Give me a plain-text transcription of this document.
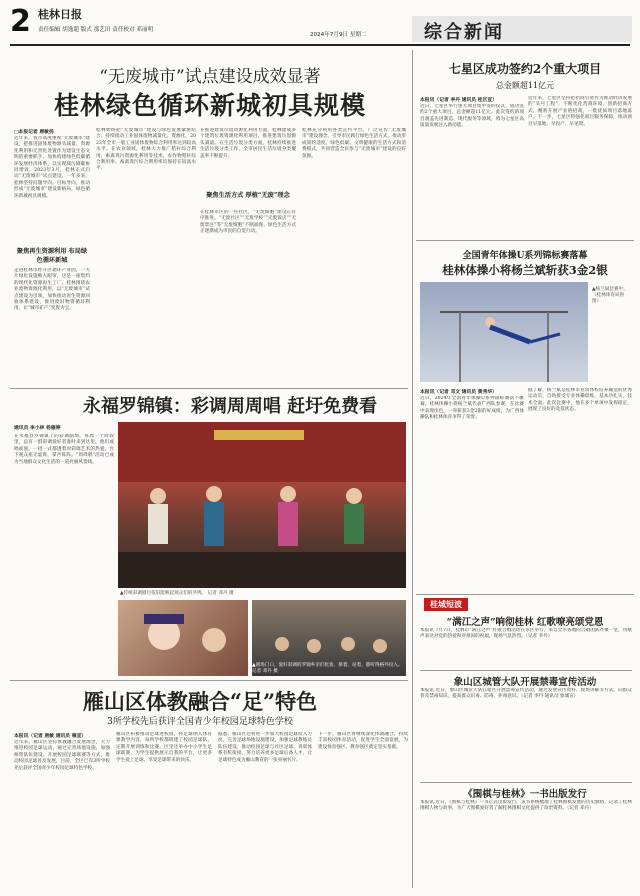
2 桂林日报
责任编辑 胡逸超 版式 那艺田 责任校对 邓丽明
2024年7月9日 星期二	综合新闻
“无废城市”试点建设成效显著
桂林绿色循环新城初具规模
□本报记者 唐敏扬
近年来，我市高度重视“无废城市”建设，把推进固体废物源头减量、资源化利用和无害化处置作为建设生态文明的重要抓手，加快构建绿色低碳循环发展经济体系，以实现减污降碳协同增效。2023年3月，桂林正式启动“无废城市”试点建设，一年多来，桂林坚持问题导向、目标导向，推动形成“无废城市”建设新格局，绿色循环新城初具规模。
聚焦再生资源利用 布局绿色循环新城
走进桂林市经开区循环产业园，一大片绿化设施映入眼帘，这是一座集约的现代化资源再生工厂。桂林围绕农业废物资源化利用，以“无废城市”试点建设为引领，加快推动再生资源回收体系建设，推进废旧物资循环利用，让“城市矿产”变废为宝。
桂林始终把“无废城市”建设与绿色发展紧密结合，持续推动工业固体废物减量化、资源化，2023年全市一般工业固体废物综合利用率达到较高水平。在农业领域，桂林大力推广秸秆综合利用、畜禽粪污资源化利用等技术，农作物秸秆综合利用率、畜禽粪污综合利用率均保持在较高水平。
在推进建筑垃圾资源化利用方面，桂林建成多个建筑垃圾资源化利用项目，推进建筑垃圾源头减量。在生活垃圾分类方面，桂林持续推进生活垃圾分类工作，全市居民生活垃圾分类覆盖率不断提升。
聚焦生活方式 厚植“无废”理念
在桂林市区的一些社区，“无废细胞”建设正有序推进。“无废社区”“无废学校”“无废饭店”“无废景区”等“无废细胞”不断涌现，绿色生活方式正逐渐成为市民的自觉行动。
桂林充分利用各类宣传平台，广泛宣传“无废城市”建设理念，引导市民践行绿色生活方式，推动形成简约适度、绿色低碳、文明健康的生活方式和消费模式，共同营造全民参与“无废城市”建设的良好氛围。
永福罗锦镇：彩调周周唱 赶圩免费看
通讯员 李小林 杨雁婷
在永福县罗锦镇上的彩调剧场，每周一个时段里，总有一群彩调爱好者准时来到这里，他们或唱或演，一招一式都透着对彩调艺术的热爱。台下观众座无虚席，掌声阵阵。“周周唱”活动已成为当地群众文化生活的一道亮丽风景线。
▲传统彩调剧目依旧能唤起观众们的共鸣。 记者 邓丹 摄
▲剧场门口，爱好彩调的罗锦乡亲们化妆、排着、站着，都听得格外投入。 记者 邓丹 摄
雁山区体教融合“足”特色
3所学校先后获评全国青少年校园足球特色学校
本报讯（记者 唐敏 通讯员 雁宣）
近年来，雁山区坚持体教融合发展理念，大力推进校园足球运动，通过完善场地设施、加强师资队伍建设、开展校园足球联赛等方式，推动校园足球普及发展。目前，全区已有3所学校先后获评全国青少年校园足球特色学校。
雁山区积极推动足球进校园，将足球纳入体育课教学内容，每所学校都组建了校园足球队，定期开展训练和比赛。区里还举办中小学生足球联赛，为学生提供展示自我的平台，让更多学生爱上足球、享受足球带来的快乐。
据悉，雁山区还将进一步加大校园足球投入力度，完善足球场地设施建设，加强足球教练员队伍建设，推动校园足球与社区足球、青训体系有机衔接，努力培养更多足球后备人才，让足球特色成为雁山教育的一张亮丽名片。
下一步，雁山区将继续深化体教融合，持续丰富校园体育活动，促进学生全面发展，为建设体育强区、教育强区奠定坚实基础。
七星区成功签约2个重大项目
总金额超11亿元
本报讯（记者 李丹 通讯员 桂区宣）
近日，七星区举行重大项目集中签约仪式，成功签约2个重大项目，总金额超11亿元。此次签约的项目涵盖先进制造、现代服务等领域，将为七星区高质量发展注入新动能。
近年来，七星区坚持把招商引资作为推动经济发展的“头号工程”，不断优化营商环境，创新招商方式，精准开展产业链招商，一批优质项目落地落户。下一步，七星区将强化项目服务保障，推动项目早落地、早投产、早见效。
全国青年体操U系列锦标赛落幕
桂林体操小将杨兰斌斩获3金2银
▲杨兰斌比赛中。（桂林体育局供图）
本报讯（记者 邓文 通讯员 黄秀华）
近日，2024年全国青年体操U系列锦标赛落下帷幕。桂林体操小将杨兰斌代表广西队参赛，在比赛中表现出色，一举斩获3金2银的好成绩，为广西体操队和桂林体育争得了荣誉。
据了解，杨兰斌是桂林市业余体校培养输送的优秀运动员，自幼接受专业体操训练，基本功扎实、技术全面。此次比赛中，他在多个单项中发挥稳定，展现了良好的竞技状态。
桂城短波
“满江之声”响彻桂林 红歌嘹亮颂党恩
本报讯 7月7日，桂林市“满江之声”红歌合唱活动在市区举行，来自全市各地的合唱团队齐聚一堂，用歌声表达对党的热爱和对祖国的祝福，现场气氛热烈。（记者 李丹）
象山区城管大队开展禁毒宣传活动
本报讯 近日，象山区城管大队在辖区开展禁毒宣传活动，通过发放宣传资料、现场讲解等方式，向群众普及禁毒知识，提高群众识毒、防毒、拒毒意识。（记者 李丹 通讯员 象城宣）
《围棋与桂林》一书出版发行
本报讯 近日，《围棋与桂林》一书正式出版发行。该书系统梳理了桂林围棋发展的历史脉络，记录了桂林围棋人物与故事，为广大围棋爱好者了解桂林围棋文化提供了珍贵资料。（记者 邓丹）
